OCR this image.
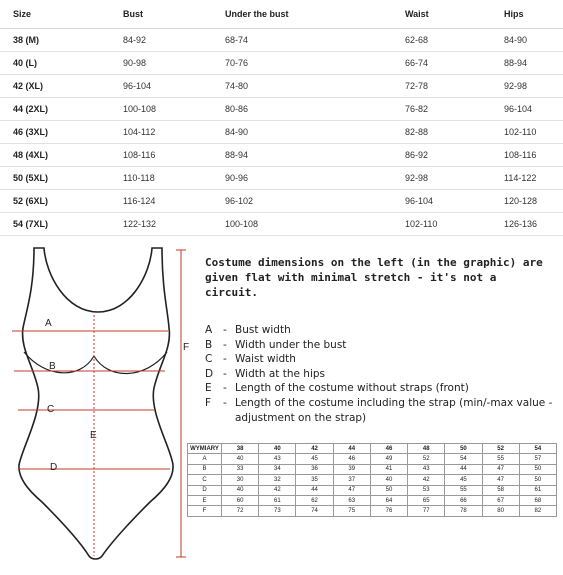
Size	Bust	Under the bust	Waist	Hips
38 (M)	84-92	68-74	62-68	84-90
40 (L)	90-98	70-76	66-74	88-94
42 (XL)	96-104	74-80	72-78	92-98
44 (2XL)	100-108	80-86	76-82	96-104
46 (3XL)	104-112	84-90	82-88	102-110
48 (4XL)	108-116	88-94	86-92	108-116
50 (5XL)	110-118	90-96	92-98	114-122
52 (6XL)	116-124	96-102	96-104	120-128
54 (7XL)	122-132	100-108	102-110	126-136
A
B
C
E
D
F
Costume dimensions on the left (in the graphic) are given flat with minimal stretch - it's not a circuit.
A	- Bust width
B	- Width under the bust
C	- Waist width
D - Width at the hips
E	- Length of the costume without straps (front)
F	- Length of the costume including the strap (min/-max value - adjustment on the strap)
WYMIARY	38	40	42	44	46	48	50	52	54
A	40	43	45	46	49	52	54	55	57
B	33	34	36	39	41	43	44	47	50
C	30	32	35	37	40	42	45	47	50
D	40	42	44	47	50	53	55	58	61
E	60	61	62	63	64	65	66	67	68
F	72	73	74	75	76	77	78	80	82
